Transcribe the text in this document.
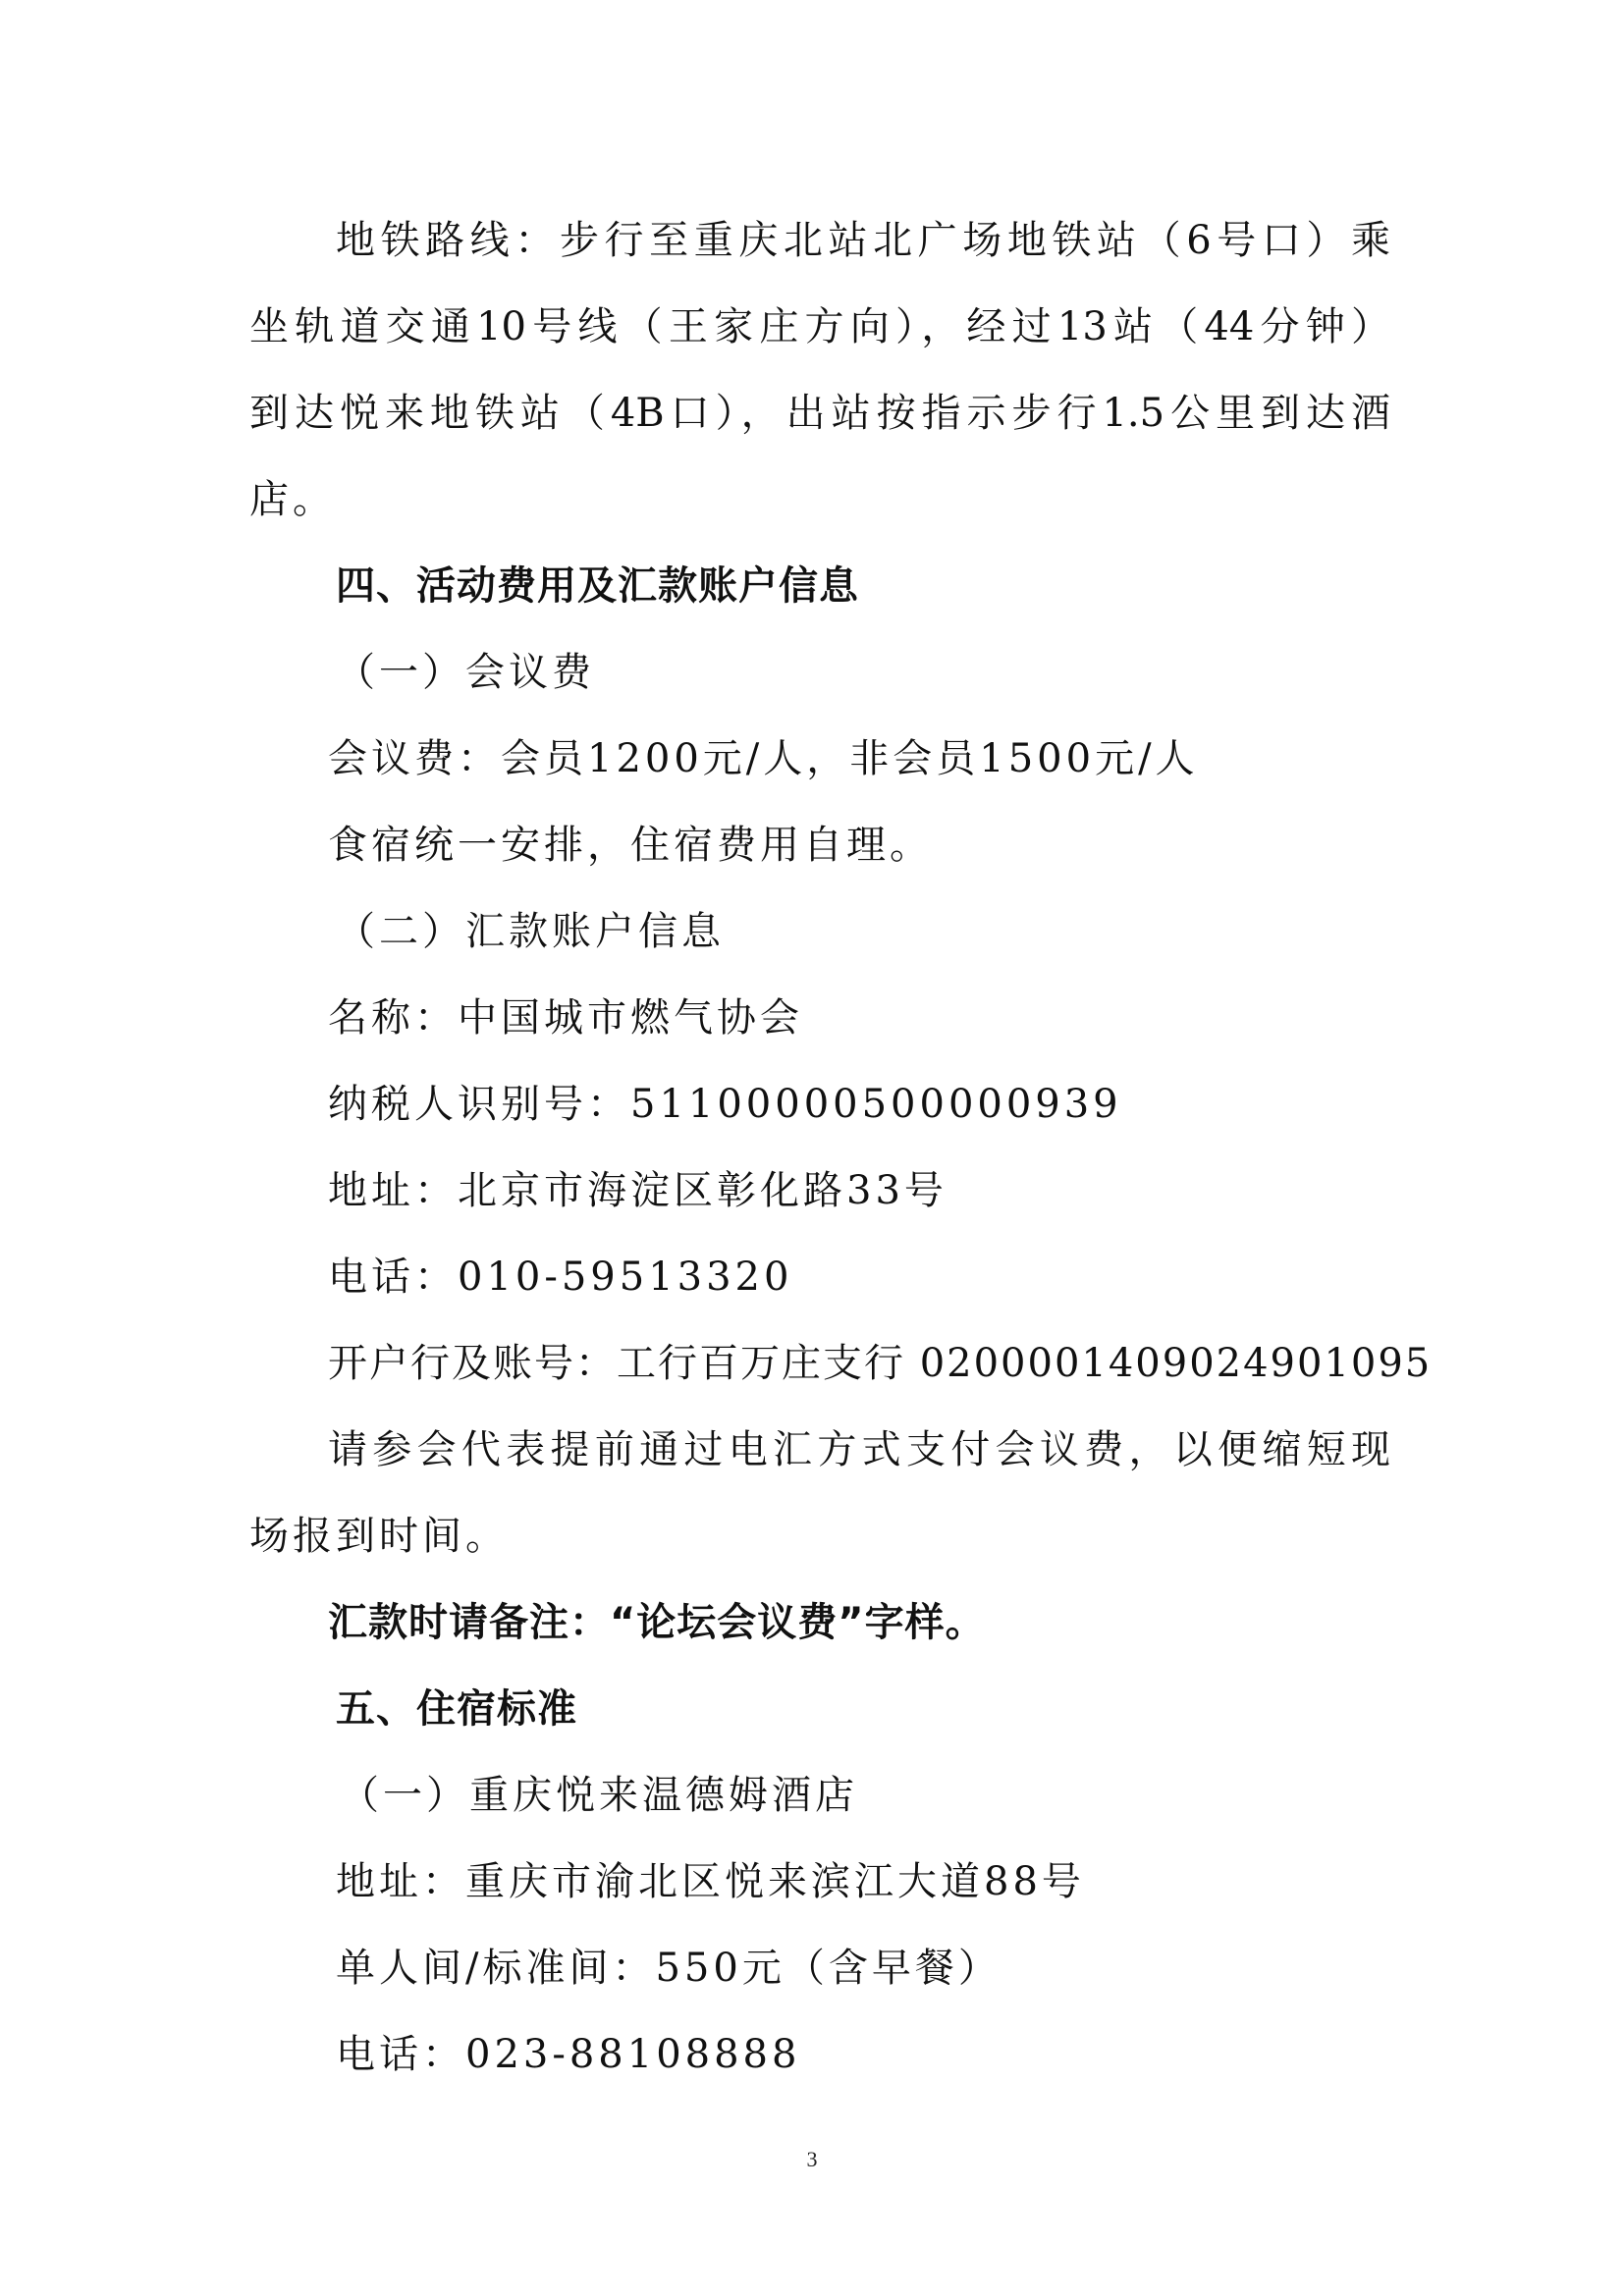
地铁路线：步行至重庆北站北广场地铁站（6号口）乘
坐轨道交通10号线（王家庄方向），经过13站（44分钟）
到达悦来地铁站（4B口），出站按指示步行1.5公里到达酒
店。
四、活动费用及汇款账户信息
（一）会议费
会议费：会员1200元/人，非会员1500元/人
食宿统一安排，住宿费用自理。
（二）汇款账户信息
名称：中国城市燃气协会
纳税人识别号：51100000500000939
地址：北京市海淀区彰化路33号
电话：010-59513320
开户行及账号：工行百万庄支行 0200001409024901095
请参会代表提前通过电汇方式支付会议费，以便缩短现
场报到时间。
汇款时请备注：“论坛会议费”字样。
五、住宿标准
（一）重庆悦来温德姆酒店
地址：重庆市渝北区悦来滨江大道88号
单人间/标准间：550元（含早餐）
电话：023-88108888
3
